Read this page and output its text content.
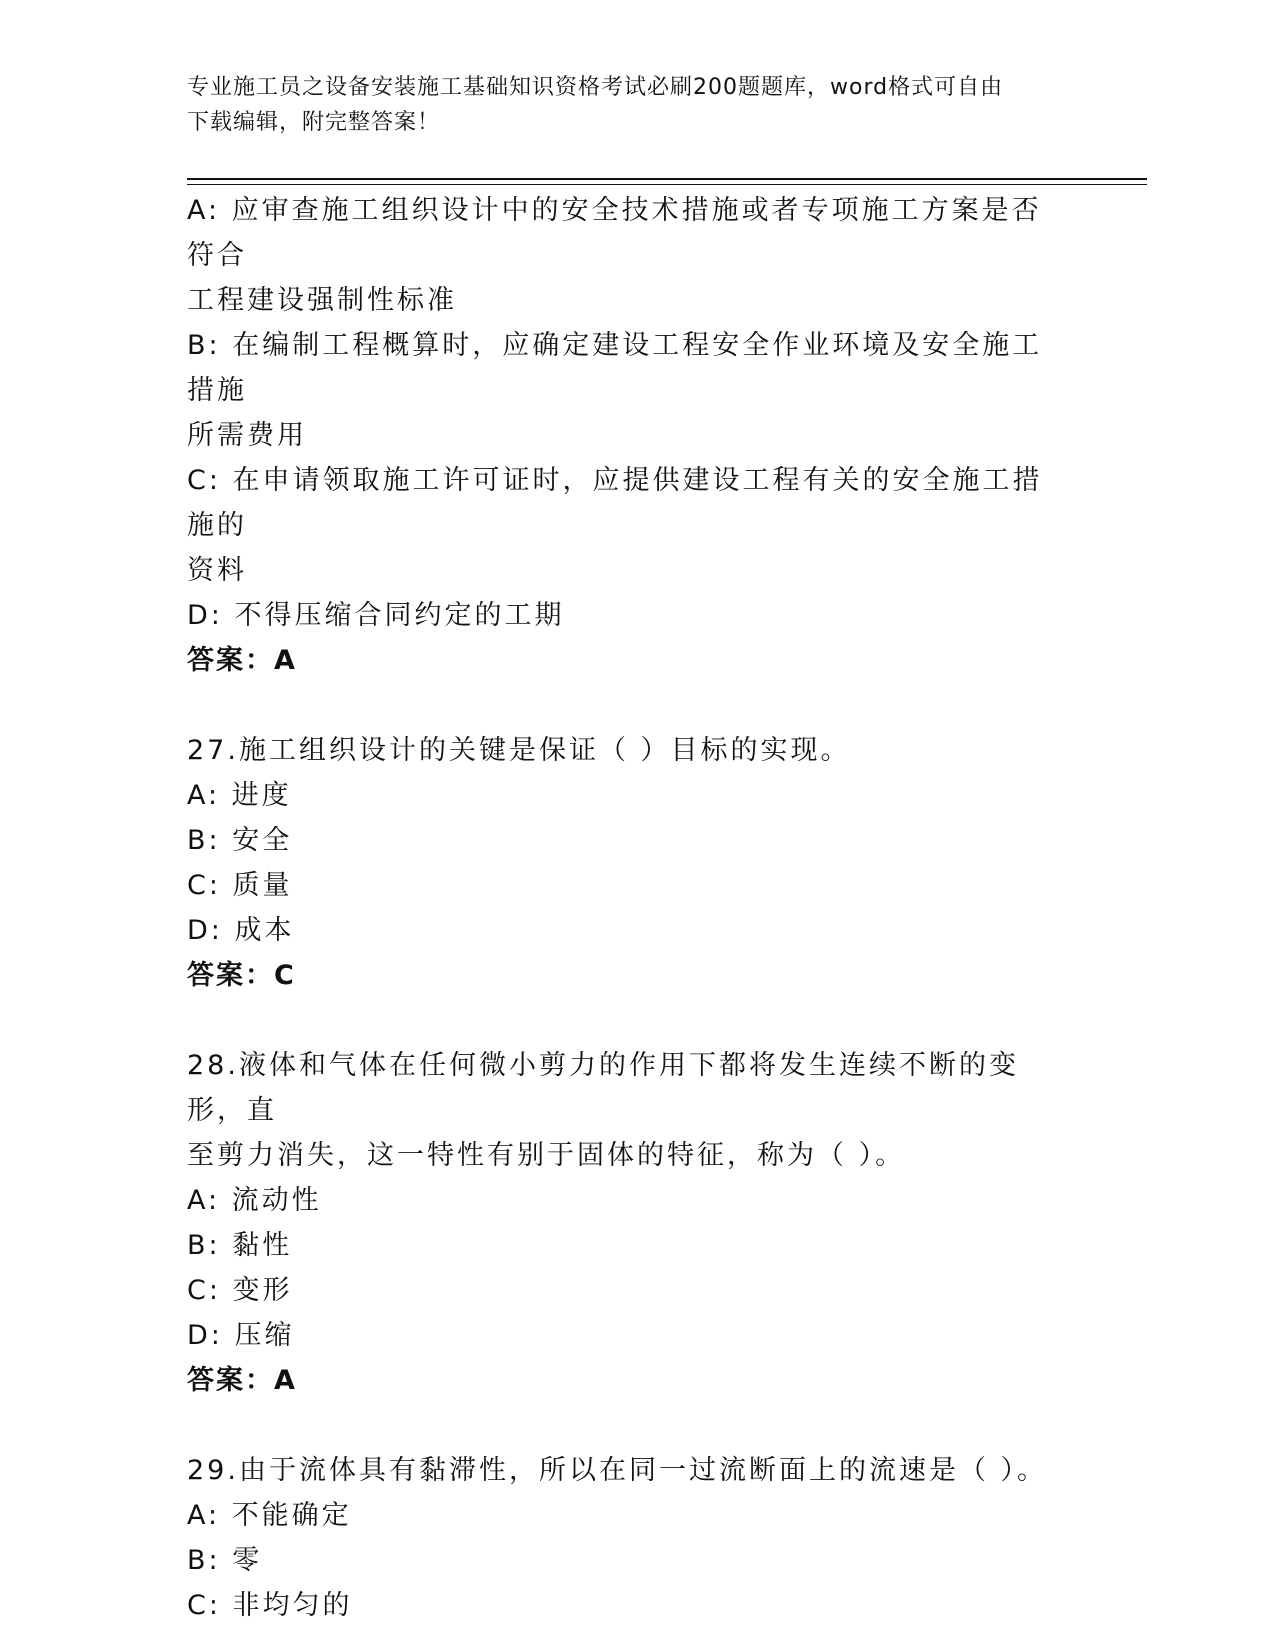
专业施工员之设备安装施工基础知识资格考试必刷200题题库，word格式可自由
下载编辑，附完整答案！

A: 应审查施工组织设计中的安全技术措施或者专项施工方案是否符合

工程建设强制性标准

B: 在编制工程概算时，应确定建设工程安全作业环境及安全施工措施

所需费用

C: 在申请领取施工许可证时，应提供建设工程有关的安全施工措施的

资料

D: 不得压缩合同约定的工期

答案：A

27.施工组织设计的关键是保证（ ）目标的实现。

A: 进度

B: 安全

C: 质量

D: 成本

答案：C

28.液体和气体在任何微小剪力的作用下都将发生连续不断的变形，直

至剪力消失，这一特性有别于固体的特征，称为（ ）。

A: 流动性

B: 黏性

C: 变形

D: 压缩

答案：A

29.由于流体具有黏滞性，所以在同一过流断面上的流速是（ ）。

A: 不能确定

B: 零

C: 非均匀的
